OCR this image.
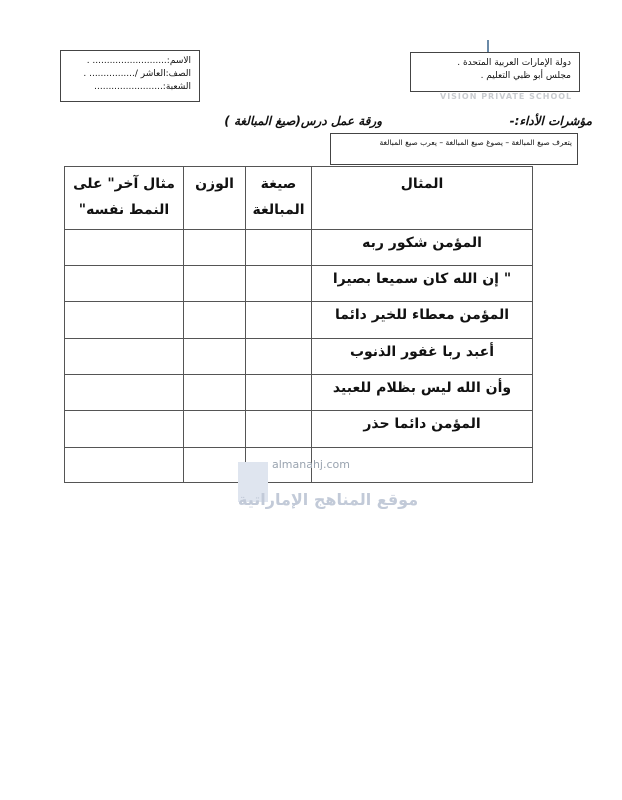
الاسم:.......................... .
الصف:العاشر /................ .
الشعبة:........................
VISION PRIVATE SCHOOL
دولة الإمارات العربية المتحدة .
مجلس أبو ظبي التعليم .
مؤشرات الأداء:-
ورقة عمل درس(صيغ المبالغة )
يتعرف صيغ المبالغة – يصوغ صيغ المبالغة – يعرب صيغ المبالغة
المثال	صيغة المبالغة	الوزن	مثال آخر" على النمط نفسه"
المؤمن شكور ربه			
" إن الله كان سميعا بصيرا			
المؤمن معطاء للخير دائما			
أعبد ربا غفور الذنوب			
وأن الله ليس بظلام للعبيد			
المؤمن دائما حذر			

almanahj.com
موقع المناهج الإماراتية
